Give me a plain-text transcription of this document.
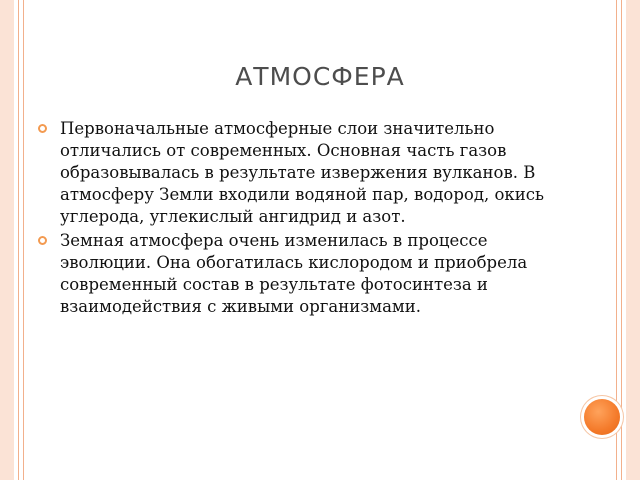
АТМОСФЕРА
Первоначальные атмосферные слои значительно отличались от современных. Основная часть газов образовывалась в результате извержения вулканов. В атмосферу Земли входили водяной пар, водород, окись углерода, углекислый ангидрид и азот.
Земная атмосфера очень изменилась в процессе эволюции. Она обогатилась кислородом и приобрела современный состав в результате фотосинтеза и взаимодействия с живыми организмами.
